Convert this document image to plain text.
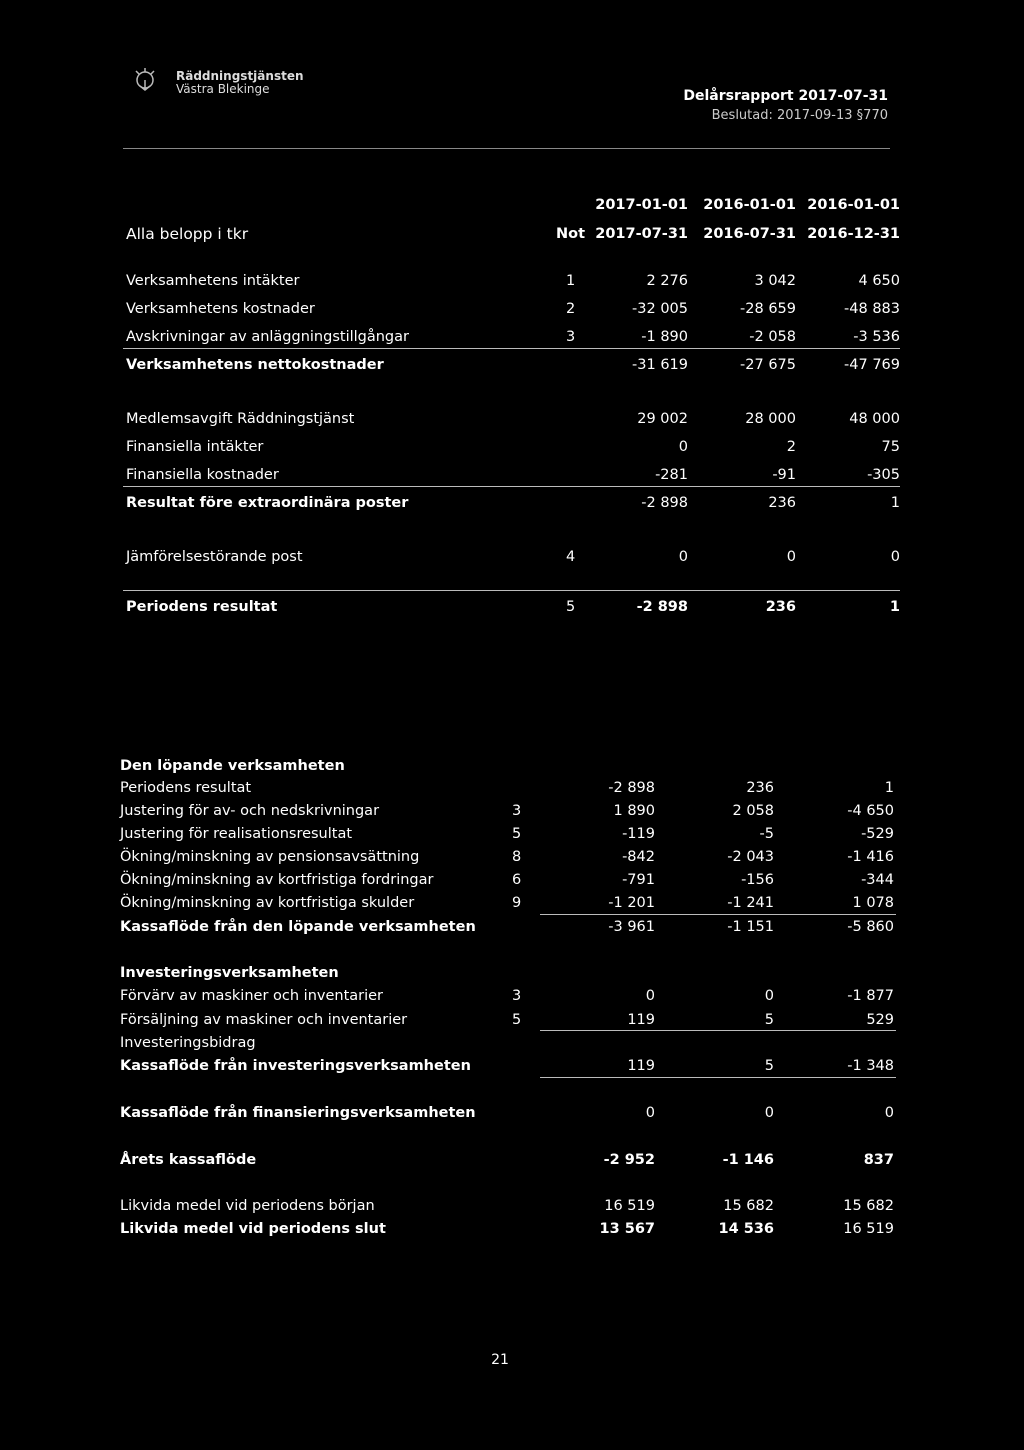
Räddningstjänsten
Västra Blekinge	Delårsrapport 2017-07-31
Beslutad: 2017-09-13 §770
2017-01-01 2016-01-01 2016-01-01
Alla belopp i tkr	Not 2017-07-31 2016-07-31 2016-12-31
Verksamhetens intäkter	1	2 276	3 042	4 650
Verksamhetens kostnader	2	-32 005	-28 659	-48 883
Avskrivningar av anläggningstillgångar	3	-1 890	-2 058	-3 536
Verksamhetens nettokostnader	-31 619	-27 675	-47 769
Medlemsavgift Räddningstjänst	29 002	28 000	48 000
Finansiella intäkter	0	2	75
Finansiella kostnader	-281	-91	-305
Resultat före extraordinära poster	-2 898	236	1
Jämförelsestörande post	4	0	0	0
Periodens resultat	5	-2 898	236	1
Den löpande verksamheten
Periodens resultat	-2 898	236	1
Justering för av- och nedskrivningar	3	1 890	2 058	-4 650
Justering för realisationsresultat	5	-119	-5	-529
Ökning/minskning av pensionsavsättning	8	-842	-2 043	-1 416
Ökning/minskning av kortfristiga fordringar	6	-791	-156	-344
Ökning/minskning av kortfristiga skulder	9	-1 201	-1 241	1 078
Kassaflöde från den löpande verksamheten	-3 961	-1 151	-5 860
Investeringsverksamheten
Förvärv av maskiner och inventarier	3	0	0	-1 877
Försäljning av maskiner och inventarier	5	119	5	529
Investeringsbidrag
Kassaflöde från investeringsverksamheten	119	5	-1 348
Kassaflöde från finansieringsverksamheten	0	0	0
Årets kassaflöde	-2 952	-1 146	837
Likvida medel vid periodens början	16 519	15 682	15 682
Likvida medel vid periodens slut	13 567	14 536	16 519
21
